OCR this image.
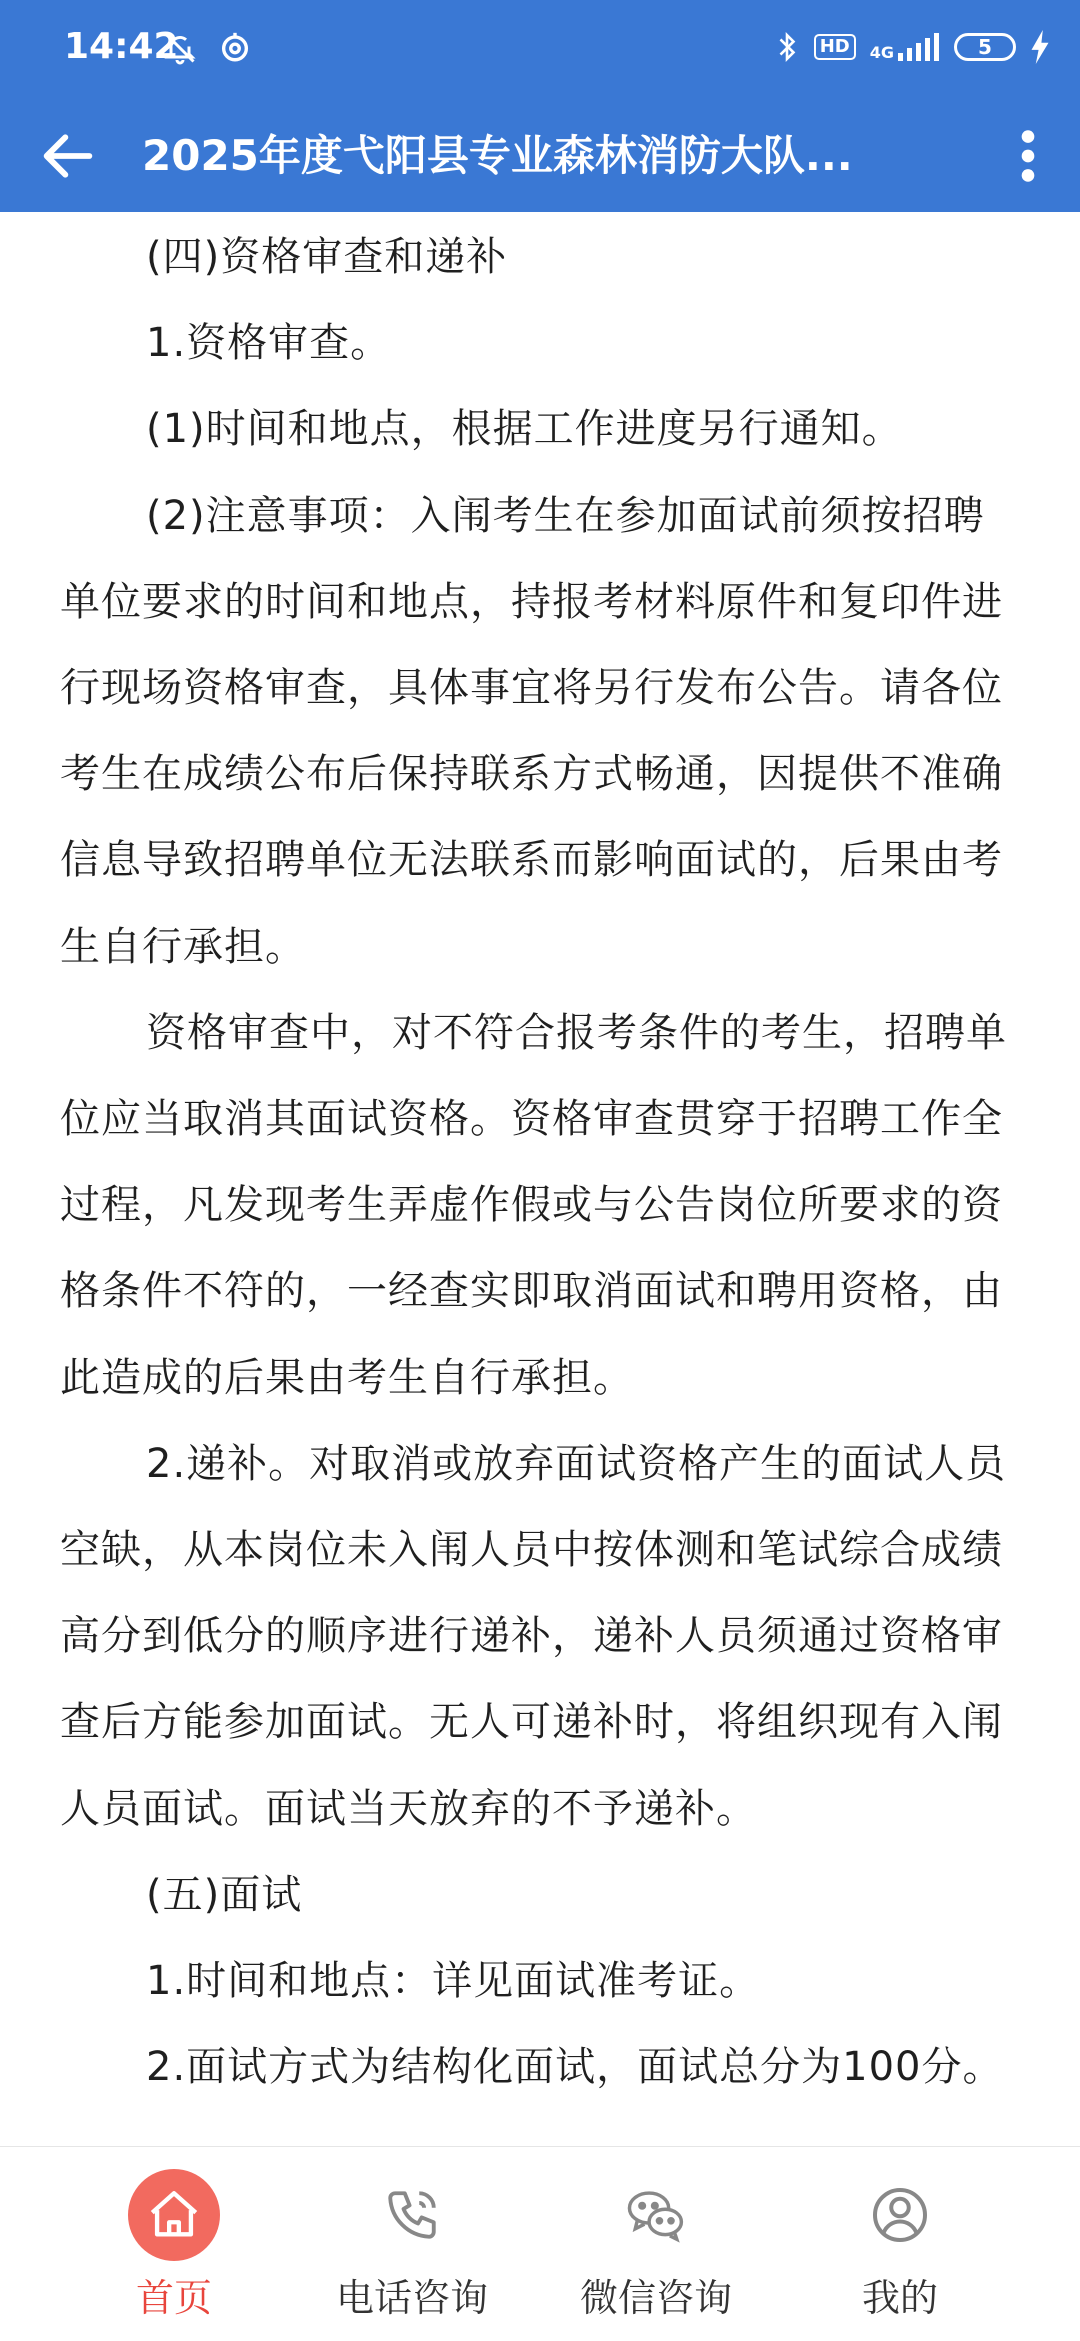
14:42	HD	4G	5
2025年度弋阳县专业森林消防大队...

(四)资格审查和递补

1.资格审查。

(1)时间和地点，根据工作进度另行通知。

(2)注意事项：入闱考生在参加面试前须按招聘单位要求的时间和地点，持报考材料原件和复印件进行现场资格审查，具体事宜将另行发布公告。请各位考生在成绩公布后保持联系方式畅通，因提供不准确信息导致招聘单位无法联系而影响面试的，后果由考生自行承担。

资格审查中，对不符合报考条件的考生，招聘单位应当取消其面试资格。资格审查贯穿于招聘工作全过程，凡发现考生弄虚作假或与公告岗位所要求的资格条件不符的，一经查实即取消面试和聘用资格，由此造成的后果由考生自行承担。

2.递补。对取消或放弃面试资格产生的面试人员空缺，从本岗位未入闱人员中按体测和笔试综合成绩高分到低分的顺序进行递补，递补人员须通过资格审查后方能参加面试。无人可递补时，将组织现有入闱人员面试。面试当天放弃的不予递补。

(五)面试

1.时间和地点：详见面试准考证。

2.面试方式为结构化面试，面试总分为100分。

首页	电话咨询	微信咨询	我的
